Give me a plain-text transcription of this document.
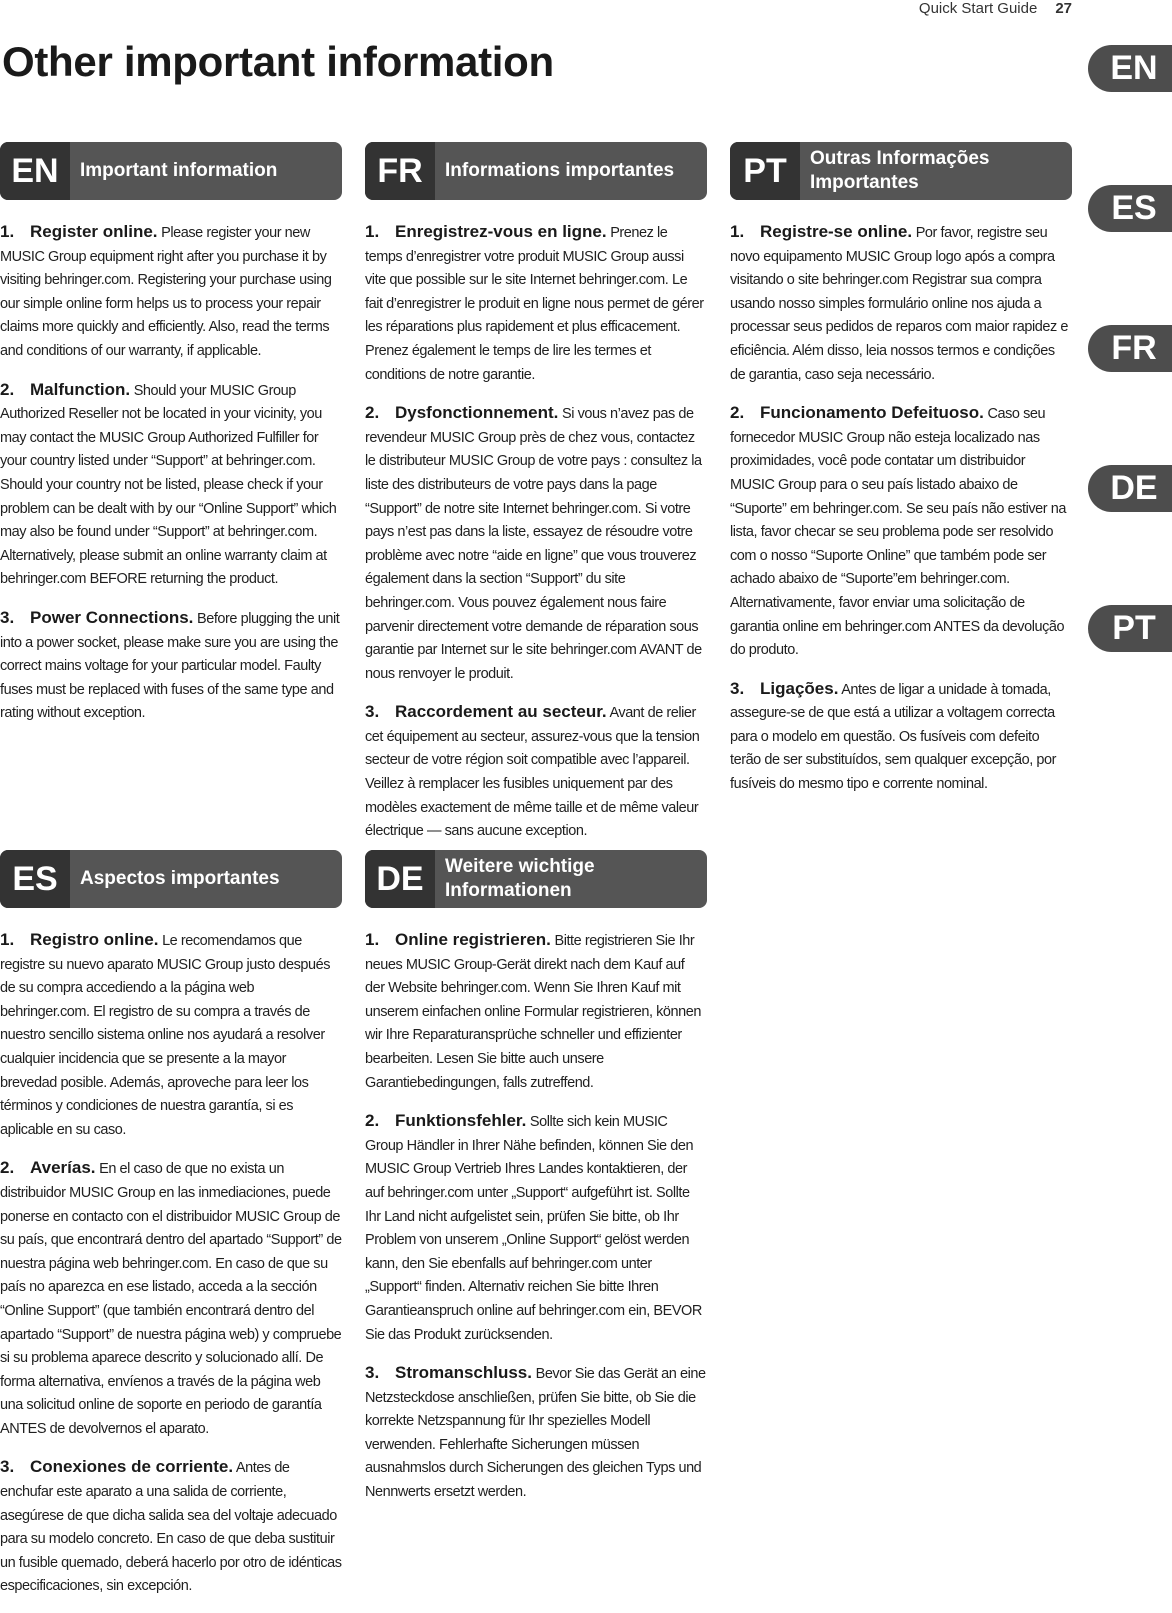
Quick Start Guide 27
Other important information	EN
ES
FR
DE
PT
EN	Important information

1. Register online. Please register your new MUSIC Group equipment right after you purchase it by visiting behringer.com. Registering your purchase using our simple online form helps us to process your repair claims more quickly and efficiently. Also, read the terms and conditions of our warranty, if applicable.

2. Malfunction. Should your MUSIC Group Authorized Reseller not be located in your vicinity, you may contact the MUSIC Group Authorized Fulfiller for your country listed under “Support” at behringer.com. Should your country not be listed, please check if your problem can be dealt with by our “Online Support” which may also be found under “Support” at behringer.com. Alternatively, please submit an online warranty claim at behringer.com BEFORE returning the product.

3. Power Connections. Before plugging the unit into a power socket, please make sure you are using the correct mains voltage for your particular model. Faulty fuses must be replaced with fuses of the same type and rating without exception.

FR	Informations importantes

1. Enregistrez-vous en ligne. Prenez le temps d’enregistrer votre produit MUSIC Group aussi vite que possible sur le site Internet behringer.com. Le fait d’enregistrer le produit en ligne nous permet de gérer les réparations plus rapidement et plus efficacement. Prenez également le temps de lire les termes et conditions de notre garantie.

2. Dysfonctionnement. Si vous n’avez pas de revendeur MUSIC Group près de chez vous, contactez le distributeur MUSIC Group de votre pays : consultez la liste des distributeurs de votre pays dans la page “Support” de notre site Internet behringer.com. Si votre pays n’est pas dans la liste, essayez de résoudre votre problème avec notre “aide en ligne” que vous trouverez également dans la section “Support” du site behringer.com. Vous pouvez également nous faire parvenir directement votre demande de réparation sous garantie par Internet sur le site behringer.com AVANT de nous renvoyer le produit.

3. Raccordement au secteur. Avant de relier cet équipement au secteur, assurez-vous que la tension secteur de votre région soit compatible avec l’appareil. Veillez à remplacer les fusibles uniquement par des modèles exactement de même taille et de même valeur électrique — sans aucune exception.

PT	Outras Informações Importantes

1. Registre-se online. Por favor, registre seu novo equipamento MUSIC Group logo após a compra visitando o site behringer.com Registrar sua compra usando nosso simples formulário online nos ajuda a processar seus pedidos de reparos com maior rapidez e eficiência. Além disso, leia nossos termos e condições de garantia, caso seja necessário.

2. Funcionamento Defeituoso. Caso seu fornecedor MUSIC Group não esteja localizado nas proximidades, você pode contatar um distribuidor MUSIC Group para o seu país listado abaixo de “Suporte” em behringer.com. Se seu país não estiver na lista, favor checar se seu problema pode ser resolvido com o nosso “Suporte Online” que também pode ser achado abaixo de “Suporte”em behringer.com. Alternativamente, favor enviar uma solicitação de garantia online em behringer.com ANTES da devolução do produto.

3. Ligações. Antes de ligar a unidade à tomada, assegure-se de que está a utilizar a voltagem correcta para o modelo em questão. Os fusíveis com defeito terão de ser substituídos, sem qualquer excepção, por fusíveis do mesmo tipo e corrente nominal.

ES	Aspectos importantes

1. Registro online. Le recomendamos que registre su nuevo aparato MUSIC Group justo después de su compra accediendo a la página web behringer.com. El registro de su compra a través de nuestro sencillo sistema online nos ayudará a resolver cualquier incidencia que se presente a la mayor brevedad posible. Además, aproveche para leer los términos y condiciones de nuestra garantía, si es aplicable en su caso.

2. Averías. En el caso de que no exista un distribuidor MUSIC Group en las inmediaciones, puede ponerse en contacto con el distribuidor MUSIC Group de su país, que encontrará dentro del apartado “Support” de nuestra página web behringer.com. En caso de que su país no aparezca en ese listado, acceda a la sección “Online Support” (que también encontrará dentro del apartado “Support” de nuestra página web) y compruebe si su problema aparece descrito y solucionado allí. De forma alternativa, envíenos a través de la página web una solicitud online de soporte en periodo de garantía ANTES de devolvernos el aparato.

3. Conexiones de corriente. Antes de enchufar este aparato a una salida de corriente, asegúrese de que dicha salida sea del voltaje adecuado para su modelo concreto. En caso de que deba sustituir un fusible quemado, deberá hacerlo por otro de idénticas especificaciones, sin excepción.

DE	Weitere wichtige Informationen

1. Online registrieren. Bitte registrieren Sie Ihr neues MUSIC Group-Gerät direkt nach dem Kauf auf der Website behringer.com. Wenn Sie Ihren Kauf mit unserem einfachen online Formular registrieren, können wir Ihre Reparaturansprüche schneller und effizienter bearbeiten. Lesen Sie bitte auch unsere Garantiebedingungen, falls zutreffend.

2. Funktionsfehler. Sollte sich kein MUSIC Group Händler in Ihrer Nähe befinden, können Sie den MUSIC Group Vertrieb Ihres Landes kontaktieren, der auf behringer.com unter „Support“ aufgeführt ist. Sollte Ihr Land nicht aufgelistet sein, prüfen Sie bitte, ob Ihr Problem von unserem „Online Support“ gelöst werden kann, den Sie ebenfalls auf behringer.com unter „Support“ finden. Alternativ reichen Sie bitte Ihren Garantieanspruch online auf behringer.com ein, BEVOR Sie das Produkt zurücksenden.

3. Stromanschluss. Bevor Sie das Gerät an eine Netzsteckdose anschließen, prüfen Sie bitte, ob Sie die korrekte Netzspannung für Ihr spezielles Modell verwenden. Fehlerhafte Sicherungen müssen ausnahmslos durch Sicherungen des gleichen Typs und Nennwerts ersetzt werden.
